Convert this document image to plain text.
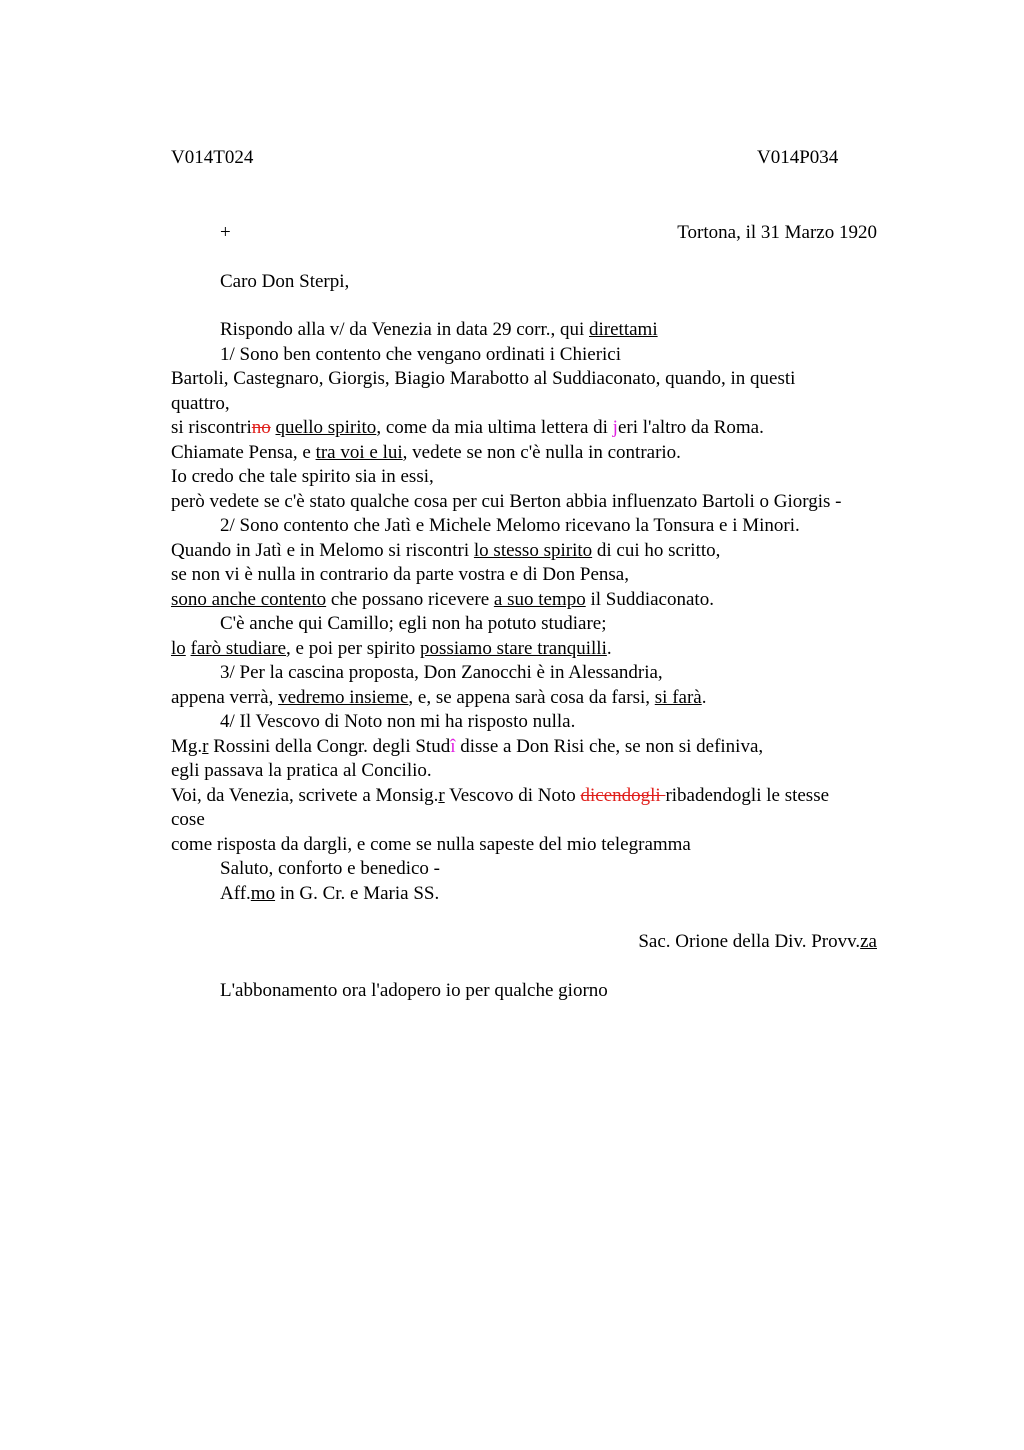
V014T024	V014P034
+	Tortona, il 31 Marzo 1920
Caro Don Sterpi,
Rispondo alla v/ da Venezia in data 29 corr., qui direttami
1/ Sono ben contento che vengano ordinati i Chierici
Bartoli, Castegnaro, Giorgis, Biagio Marabotto al Suddiaconato, quando, in questi
quattro,
si riscontrino quello spirito, come da mia ultima lettera di jeri l'altro da Roma.
Chiamate Pensa, e tra voi e lui, vedete se non c'è nulla in contrario.
Io credo che tale spirito sia in essi,
però vedete se c'è stato qualche cosa per cui Berton abbia influenzato Bartoli o Giorgis -
2/ Sono contento che Jatì e Michele Melomo ricevano la Tonsura e i Minori.
Quando in Jatì e in Melomo si riscontri lo stesso spirito di cui ho scritto,
se non vi è nulla in contrario da parte vostra e di Don Pensa,
sono anche contento che possano ricevere a suo tempo il Suddiaconato.
C'è anche qui Camillo; egli non ha potuto studiare;
lo farò studiare, e poi per spirito possiamo stare tranquilli.
3/ Per la cascina proposta, Don Zanocchi è in Alessandria,
appena verrà, vedremo insieme, e, se appena sarà cosa da farsi, si farà.
4/ Il Vescovo di Noto non mi ha risposto nulla.
Mg.r Rossini della Congr. degli Studî disse a Don Risi che, se non si definiva,
egli passava la pratica al Concilio.
Voi, da Venezia, scrivete a Monsig.r Vescovo di Noto dicendogli ribadendogli le stesse
cose
come risposta da dargli, e come se nulla sapeste del mio telegramma
Saluto, conforto e benedico -
Aff.mo in G. Cr. e Maria SS.
Sac. Orione della Div. Provv.za
L'abbonamento ora l'adopero io per qualche giorno
